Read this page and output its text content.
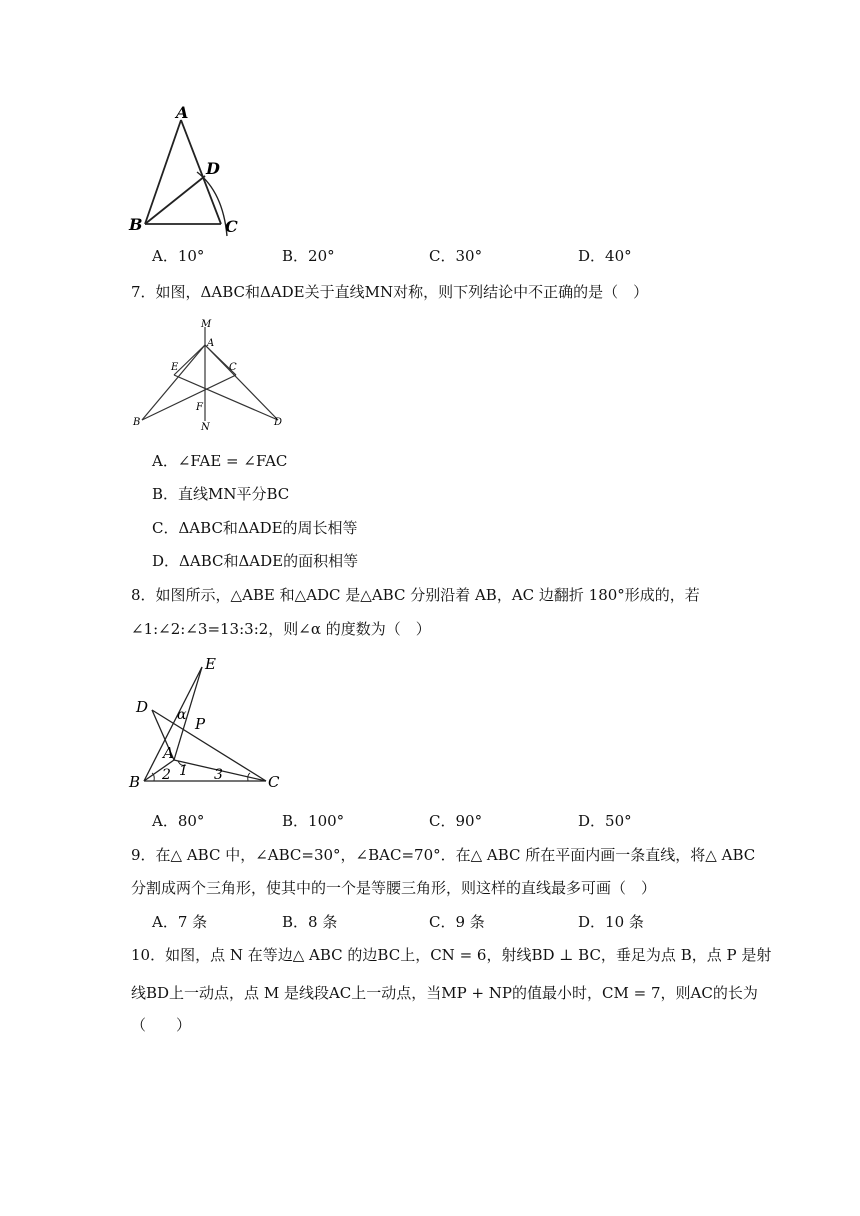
A
D
B	C
A．10°	B．20°	C．30°	D．40°
7．如图，ΔABC和ΔADE关于直线MN对称，则下列结论中不正确的是（　）
M
A
E	C
F
B	N	D
A．∠FAE = ∠FAC
B．直线MN平分BC
C．ΔABC和ΔADE的周长相等
D．ΔABC和ΔADE的面积相等
8．如图所示，△ABE 和△ADC 是△ABC 分别沿着 AB，AC 边翻折 180°形成的，若
∠1:∠2:∠3=13:3:2，则∠α 的度数为（　）
E
D α P
A
B 2 1 3	C
A．80°	B．100°	C．90°	D．50°
9．在△ ABC 中，∠ABC=30°，∠BAC=70°．在△ ABC 所在平面内画一条直线，将△ ABC
分割成两个三角形，使其中的一个是等腰三角形，则这样的直线最多可画（　）
A．7 条	B．8 条	C．9 条	D．10 条
10．如图，点 N 在等边△ ABC 的边BC上，CN = 6，射线BD ⊥ BC，垂足为点 B，点 P 是射
线BD上一动点，点 M 是线段AC上一动点，当MP + NP的值最小时，CM = 7，则AC的长为
（　　）
